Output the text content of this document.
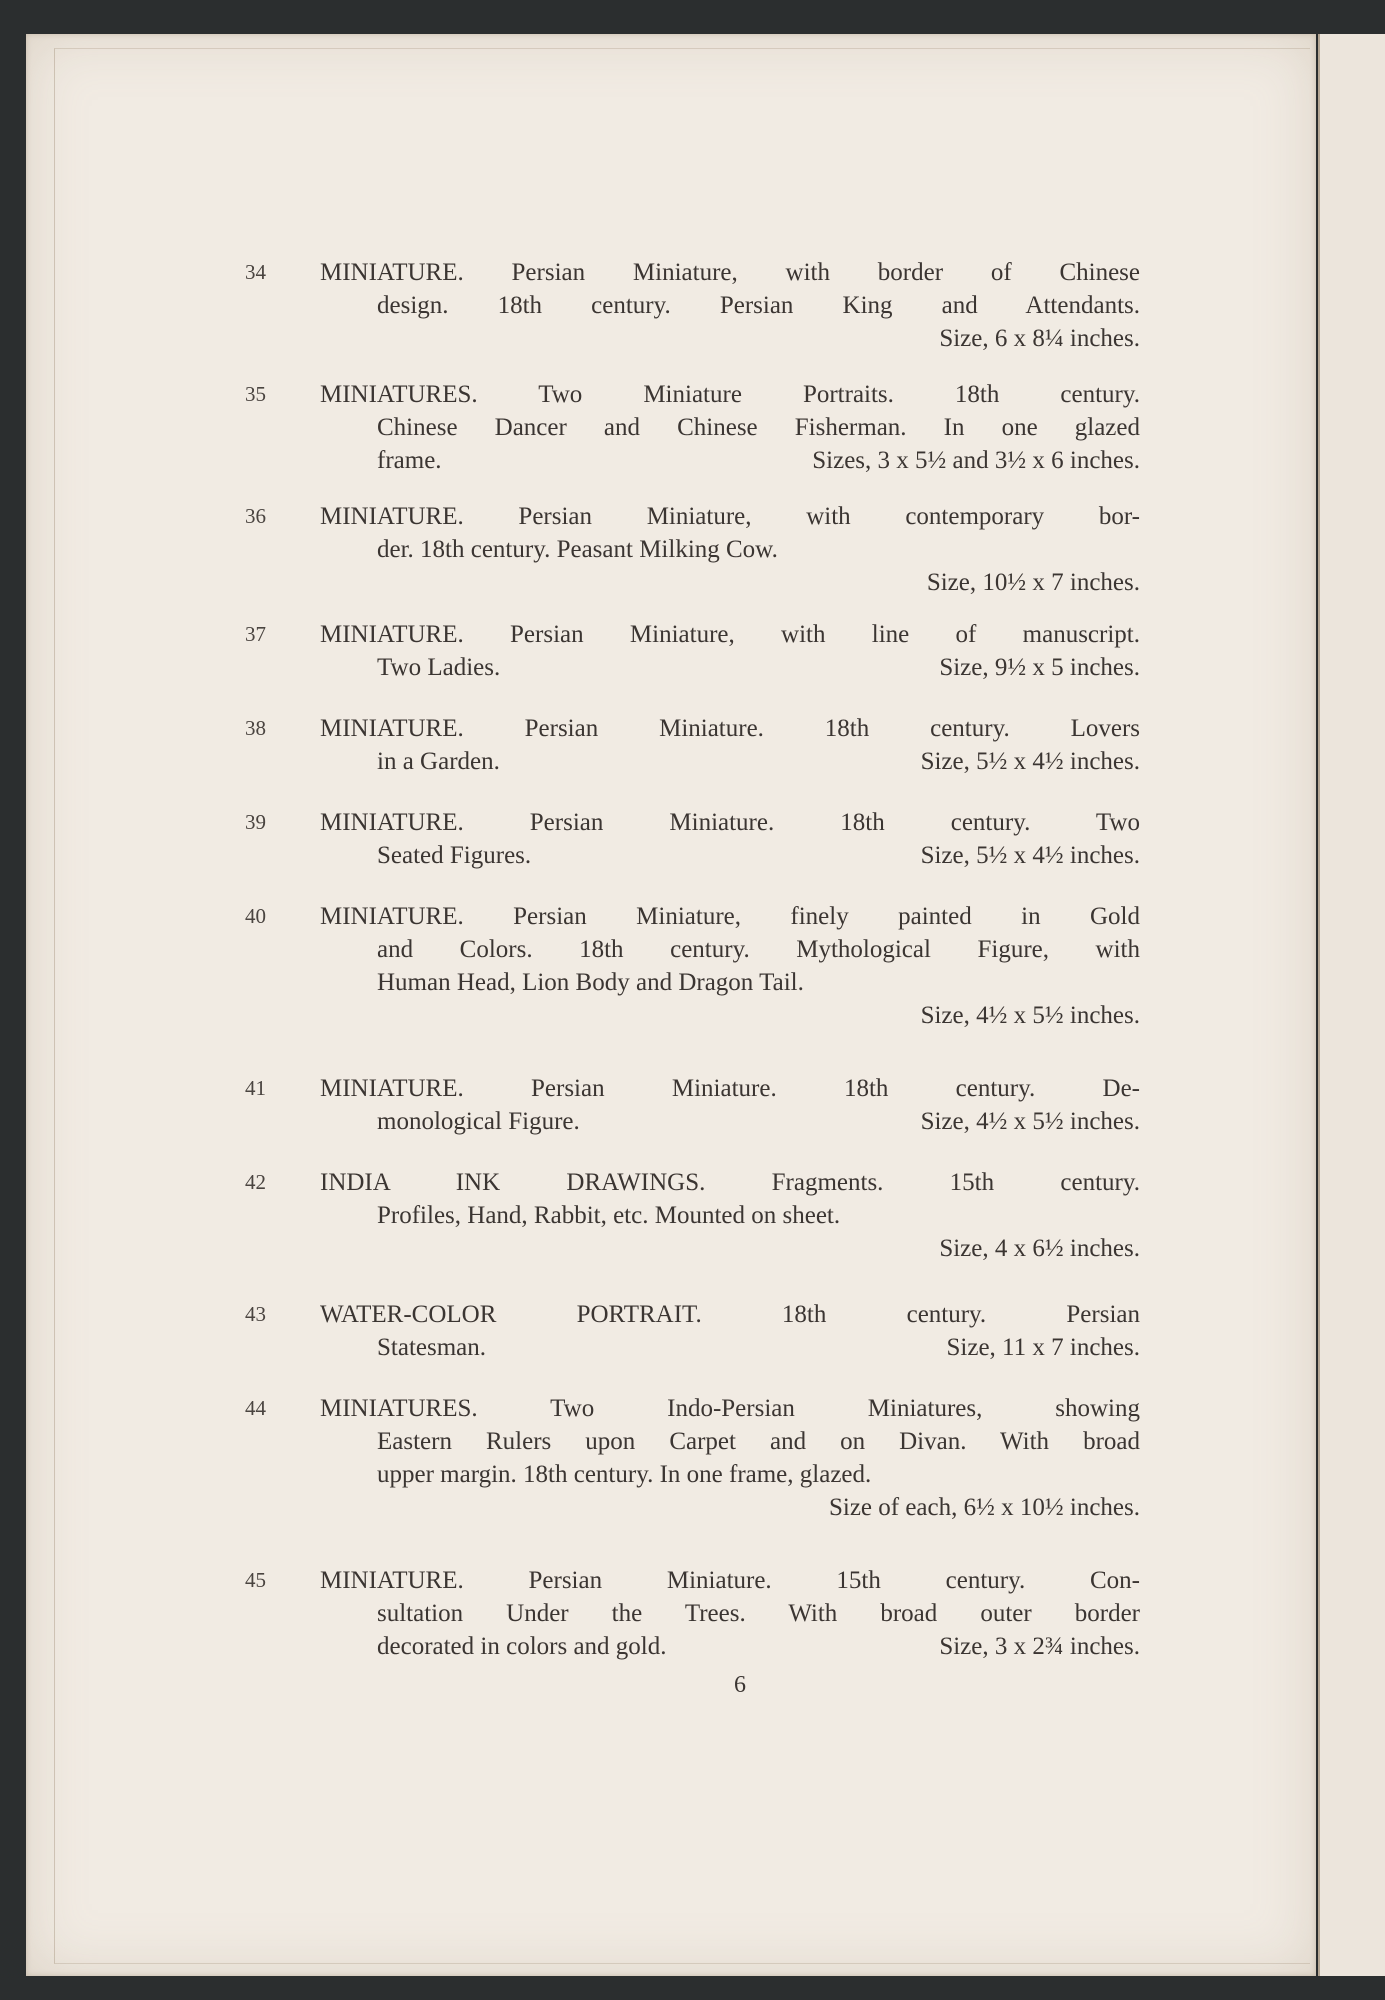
34	MINIATURE. Persian Miniature, with border of Chinese
design. 18th century. Persian King and Attendants.
Size, 6 x 8¼ inches.
35	MINIATURES. Two Miniature Portraits. 18th century.
Chinese Dancer and Chinese Fisherman. In one glazed
frame.	Sizes, 3 x 5½ and 3½ x 6 inches.
36	MINIATURE. Persian Miniature, with contemporary bor-
der. 18th century. Peasant Milking Cow.
Size, 10½ x 7 inches.
37	MINIATURE. Persian Miniature, with line of manuscript.
Two Ladies.	Size, 9½ x 5 inches.
38	MINIATURE. Persian Miniature. 18th century. Lovers
in a Garden.	Size, 5½ x 4½ inches.
39	MINIATURE. Persian Miniature. 18th century. Two
Seated Figures.	Size, 5½ x 4½ inches.
40	MINIATURE. Persian Miniature, finely painted in Gold
and Colors. 18th century. Mythological Figure, with
Human Head, Lion Body and Dragon Tail.
Size, 4½ x 5½ inches.
41	MINIATURE. Persian Miniature. 18th century. De-
monological Figure.	Size, 4½ x 5½ inches.
42	INDIA INK DRAWINGS. Fragments. 15th century.
Profiles, Hand, Rabbit, etc. Mounted on sheet.
Size, 4 x 6½ inches.
43	WATER-COLOR PORTRAIT. 18th century. Persian
Statesman.	Size, 11 x 7 inches.
44	MINIATURES. Two Indo-Persian Miniatures, showing
Eastern Rulers upon Carpet and on Divan. With broad
upper margin. 18th century. In one frame, glazed.
Size of each, 6½ x 10½ inches.
45	MINIATURE. Persian Miniature. 15th century. Con-
sultation Under the Trees. With broad outer border
decorated in colors and gold.	Size, 3 x 2¾ inches.
6
